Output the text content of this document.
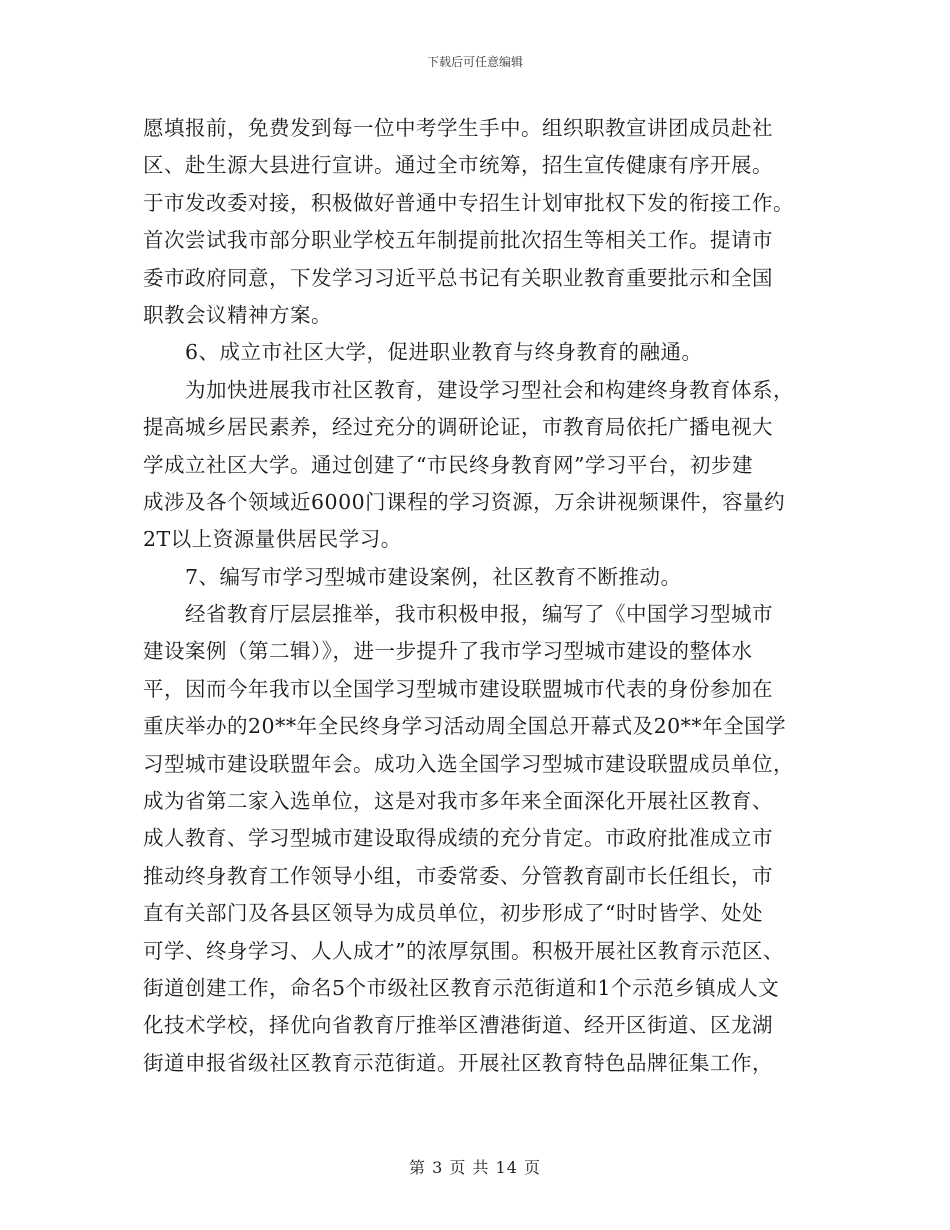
下载后可任意编辑
愿填报前，免费发到每一位中考学生手中。组织职教宣讲团成员赴社
区、赴生源大县进行宣讲。通过全市统筹，招生宣传健康有序开展。
于市发改委对接，积极做好普通中专招生计划审批权下发的衔接工作。
首次尝试我市部分职业学校五年制提前批次招生等相关工作。提请市
委市政府同意，下发学习习近平总书记有关职业教育重要批示和全国
职教会议精神方案。
6、成立市社区大学，促进职业教育与终身教育的融通。
为加快进展我市社区教育，建设学习型社会和构建终身教育体系，
提高城乡居民素养，经过充分的调研论证，市教育局依托广播电视大
学成立社区大学。通过创建了“市民终身教育网”学习平台，初步建
成涉及各个领域近6000门课程的学习资源，万余讲视频课件，容量约
2T以上资源量供居民学习。
7、编写市学习型城市建设案例，社区教育不断推动。
经省教育厅层层推举，我市积极申报，编写了《中国学习型城市
建设案例（第二辑）》，进一步提升了我市学习型城市建设的整体水
平，因而今年我市以全国学习型城市建设联盟城市代表的身份参加在
重庆举办的20**年全民终身学习活动周全国总开幕式及20**年全国学
习型城市建设联盟年会。成功入选全国学习型城市建设联盟成员单位，
成为省第二家入选单位，这是对我市多年来全面深化开展社区教育、
成人教育、学习型城市建设取得成绩的充分肯定。市政府批准成立市
推动终身教育工作领导小组，市委常委、分管教育副市长任组长，市
直有关部门及各县区领导为成员单位，初步形成了“时时皆学、处处
可学、终身学习、人人成才”的浓厚氛围。积极开展社区教育示范区、
街道创建工作，命名5个市级社区教育示范街道和1个示范乡镇成人文
化技术学校，择优向省教育厅推举区漕港街道、经开区街道、区龙湖
街道申报省级社区教育示范街道。开展社区教育特色品牌征集工作，
第 3 页 共 14 页
